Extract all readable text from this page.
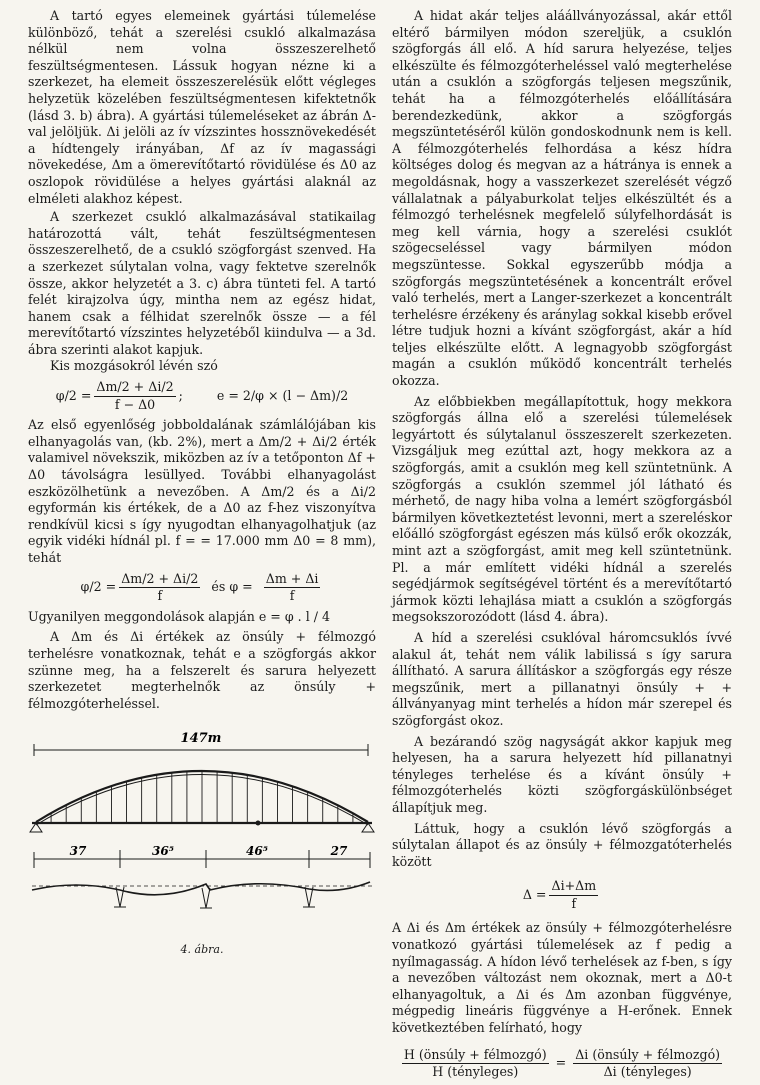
A tartó egyes elemeinek gyártási túlemelése különböző, tehát a szerelési csukló alkalmazása nélkül nem volna összeszerelhető feszültségmentesen. Lássuk hogyan nézne ki a szerkezet, ha elemeit összeszerelésük előtt végleges helyzetük közelében feszültségmentesen kifektetnők (lásd 3. b) ábra). A gyártási túlemeléseket az ábrán Δ-val jelöljük. Δi jelöli az ív vízszintes hossznövekedését a hídtengely irányában, Δf az ív magassági növekedése, Δm a ömerevítőtartó rövidülése és Δ0 az oszlopok rövidülése a helyes gyártási alaknál az elméleti alakhoz képest.

A szerkezet csukló alkalmazásával statikailag határozottá vált, tehát feszültségmentesen összeszerelhető, de a csukló szögforgást szenved. Ha a szerkezet súlytalan volna, vagy fektetve szerelnők össze, akkor helyzetét a 3. c) ábra tünteti fel. A tartó felét kirajzolva úgy, mintha nem az egész hidat, hanem csak a félhidat szerelnők össze — a fél merevítőtartó vízszintes helyzetéből kiindulva — a 3d. ábra szerinti alakot kapjuk.

Kis mozgásokról lévén szó

$\varphi/2 = \frac{\Delta m/2 + \Delta i/2}{f - \Delta 0}$ ;	e = 2/φ × (l − Δm)/2

Az első egyenlőség jobboldalának számlálójában kis elhanyagolás van, (kb. 2%), mert a Δm/2 + Δi/2 érték valamivel növekszik, miközben az ív a tetőponton Δf + Δ0 távolságra lesüllyed. További elhanyagolást eszközölhetünk a nevezőben. A Δm/2 és a Δi/2 egyformán kis értékek, de a Δ0 az f-hez viszonyítva rendkívül kicsi s így nyugodtan elhanyagolhatjuk (az egyik vidéki hídnál pl. f = = 17.000 mm Δ0 = 8 mm), tehát

$\varphi/2 = \frac{\Delta m/2 + \Delta i/2}{f}$ és $\varphi = \frac{\Delta m + \Delta i}{f}$

Ugyanilyen meggondolások alapján e = φ . l / 4

A Δm és Δi értékek az önsúly + félmozgó terhelésre vonatkoznak, tehát e a szögforgás akkor szünne meg, ha a felszerelt és sarura helyezett szerkezetet megterhelnők az önsúly + félmozgóterheléssel.

147m
37	36⁵	46⁵	27
4. ábra.

A hidat akár teljes aláállványozással, akár ettől eltérő bármilyen módon szereljük, a csuklón szögforgás áll elő. A híd sarura helyezése, teljes elkészülte és félmozgóterheléssel való megterhelése után a csuklón a szögforgás teljesen megszűnik, tehát ha a félmozgóterhelés előállítására berendezkedünk, akkor a szögforgás megszüntetéséről külön gondoskodnunk nem is kell. A félmozgóterhelés felhordása a kész hídra költséges dolog és megvan az a hátránya is ennek a megoldásnak, hogy a vasszerkezet szerelését végző vállalatnak a pályaburkolat teljes elkészültét és a félmozgó terhelésnek megfelelő súlyfelhordását is meg kell várnia, hogy a szerelési csuklót szögecseléssel vagy bármilyen módon megszüntesse. Sokkal egyszerűbb módja a szögforgás megszüntetésének a koncentrált erővel való terhelés, mert a Langer-szerkezet a koncentrált terhelésre érzékeny és aránylag sokkal kisebb erővel létre tudjuk hozni a kívánt szögforgást, akár a híd teljes elkészülte előtt. A legnagyobb szögforgást magán a csuklón működő koncentrált terhelés okozza.

Az előbbiekben megállapítottuk, hogy mekkora szögforgás állna elő a szerelési túlemelések legyártott és súlytalanul összeszerelt szerkezeten. Vizsgáljuk meg ezúttal azt, hogy mekkora az a szögforgás, amit a csuklón meg kell szüntetnünk. A szögforgás a csuklón szemmel jól látható és mérhető, de nagy hiba volna a lemért szögforgásból bármilyen következtetést levonni, mert a szereléskor előálló szögforgást egészen más külső erők okozzák, mint azt a szögforgást, amit meg kell szüntetnünk. Pl. a már említett vidéki hídnál a szerelés segédjármok segítségével történt és a merevítőtartó jármok közti lehajlása miatt a csuklón a szögforgás megsokszorozódott (lásd 4. ábra).

A híd a szerelési csuklóval háromcsuklós ívvé alakul át, tehát nem válik labilissá s így sarura állítható. A sarura állításkor a szögforgás egy része megszűnik, mert a pillanatnyi önsúly + + állványanyag mint terhelés a hídon már szerepel és szögforgást okoz.

A bezárandó szög nagyságát akkor kapjuk meg helyesen, ha a sarura helyezett híd pillanatnyi tényleges terhelése és a kívánt önsúly + félmozgóterhelés közti szögforgáskülönbséget állapítjuk meg.

Láttuk, hogy a csuklón lévő szögforgás a súlytalan állapot és az önsúly + félmozgatóterhelés között

$\Delta = \frac{\Delta i+\Delta m}{f}$

A Δi és Δm értékek az önsúly + félmozgóterhelésre vonatkozó gyártási túlemelések az f pedig a nyílmagasság. A hídon lévő terhelések az f-ben, s így a nevezőben változást nem okoznak, mert a Δ0-t elhanyagoltuk, a Δi és Δm azonban függvénye, mégpedig lineáris függvénye a H-erőnek. Ennek következtében felírható, hogy

$\frac{\text{H (önsúly + félmozgó)}}{\text{H (tényleges)}} = \frac{\text{Δi (önsúly + félmozgó)}}{\text{Δi (tényleges)}}$
